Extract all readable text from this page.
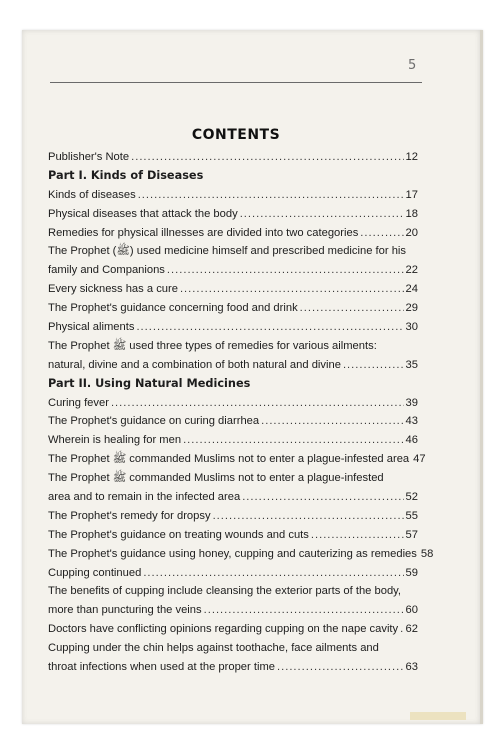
5
CONTENTS
Publisher's Note .....	12
Part I. Kinds of Diseases
Kinds of diseases .....	17
Physical diseases that attack the body .....	18
Remedies for physical illnesses are divided into two categories .....	20
The Prophet (ﷺ) used medicine himself and prescribed medicine for his
family and Companions .....	22
Every sickness has a cure .....	24
The Prophet's guidance concerning food and drink .....	29
Physical aliments .....	30
The Prophet ﷺ used three types of remedies for various ailments:
natural, divine and a combination of both natural and divine .....	35
Part II. Using Natural Medicines
Curing fever .....	39
The Prophet's guidance on curing diarrhea .....	43
Wherein is healing for men .....	46
The Prophet ﷺ commanded Muslims not to enter a plague-infested area 47
The Prophet ﷺ commanded Muslims not to enter a plague-infested
area and to remain in the infected area .....	52
The Prophet's remedy for dropsy .....	55
The Prophet's guidance on treating wounds and cuts .....	57
The Prophet's guidance using honey, cupping and cauterizing as remedies 58
Cupping continued .....	59
The benefits of cupping include cleansing the exterior parts of the body,
more than puncturing the veins .....	60
Doctors have conflicting opinions regarding cupping on the nape cavity ..... 62
Cupping under the chin helps against toothache, face ailments and
throat infections when used at the proper time .....	63
